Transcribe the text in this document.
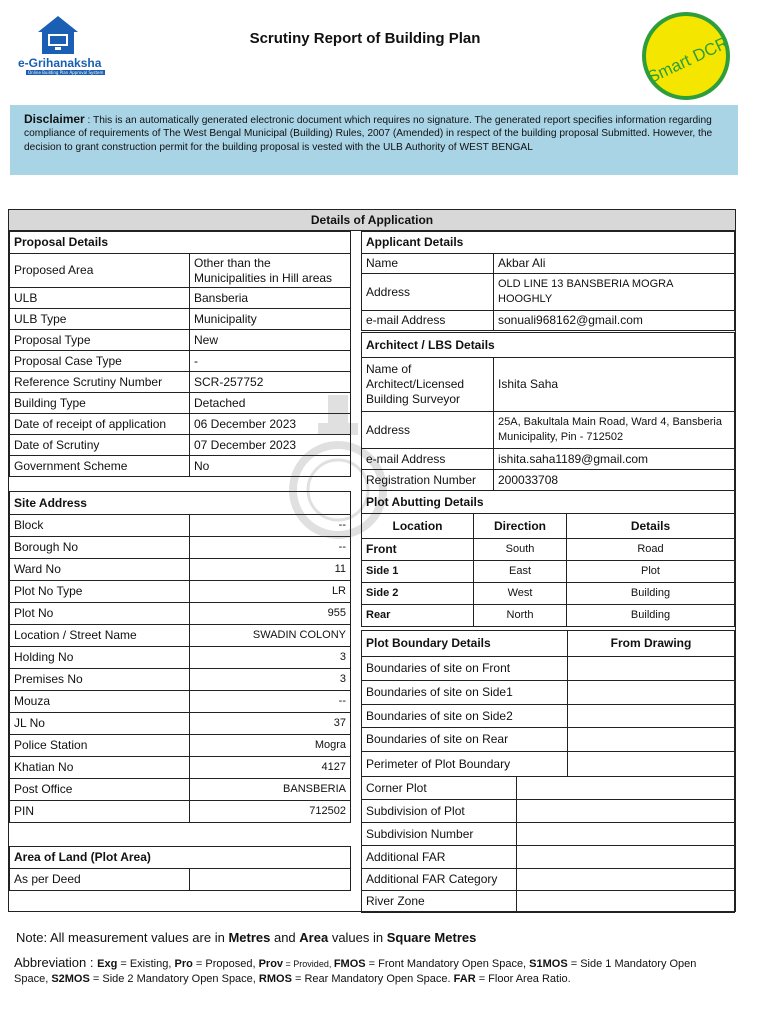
e-Grihanaksha
Online Building Plan Approval System
Scrutiny Report of Building Plan	Smart DCR
Disclaimer : This is an automatically generated electronic document which requires no signature. The generated report specifies information regarding compliance of requirements of The West Bengal Municipal (Building) Rules, 2007 (Amended) in respect of the building proposal Submitted. However, the decision to grant construction permit for the building proposal is vested with the ULB Authority of WEST BENGAL
Details of Application
Proposal Details	
Proposed Area	Other than the Municipalities in Hill areas
ULB	Bansberia
ULB Type	Municipality
Proposal Type	New
Proposal Case Type	-
Reference Scrutiny Number	SCR-257752
Building Type	Detached
Date of receipt of application	06 December 2023
Date of Scrutiny	07 December 2023
Government Scheme	No
Site Address	
Block	--
Borough No	--
Ward No	11
Plot No Type	LR
Plot No	955
Location / Street Name	SWADIN COLONY
Holding No	3
Premises No	3
Mouza	--
JL No	37
Police Station	Mogra
Khatian No	4127
Post Office	BANSBERIA
PIN	712502
Area of Land (Plot Area)
As per Deed	
Applicant Details	
Name	Akbar Ali
Address	OLD LINE 13 BANSBERIA MOGRA HOOGHLY
e-mail Address	sonuali968162@gmail.com
Architect / LBS Details	
Name of Architect/Licensed Building Surveyor	Ishita Saha
Address	25A, Bakultala Main Road, Ward 4, Bansberia Municipality, Pin - 712502
e-mail Address	ishita.saha1189@gmail.com
Registration Number	200033708
Plot Abutting Details		
Location	Direction	Details
Front	South	Road
Side 1	East	Plot
Side 2	West	Building
Rear	North	Building
Plot Boundary Details	From Drawing
Boundaries of site on Front	
Boundaries of site on Side1	
Boundaries of site on Side2	
Boundaries of site on Rear	
Perimeter of Plot Boundary	
Corner Plot	
Subdivision of Plot	
Subdivision Number	
Additional FAR	
Additional FAR Category	
River Zone	
Note: All measurement values are in Metres and Area values in Square Metres
Abbreviation : Exg = Existing, Pro = Proposed, Prov = Provided, FMOS = Front Mandatory Open Space, S1MOS = Side 1 Mandatory Open Space, S2MOS = Side 2 Mandatory Open Space, RMOS = Rear Mandatory Open Space. FAR = Floor Area Ratio.
